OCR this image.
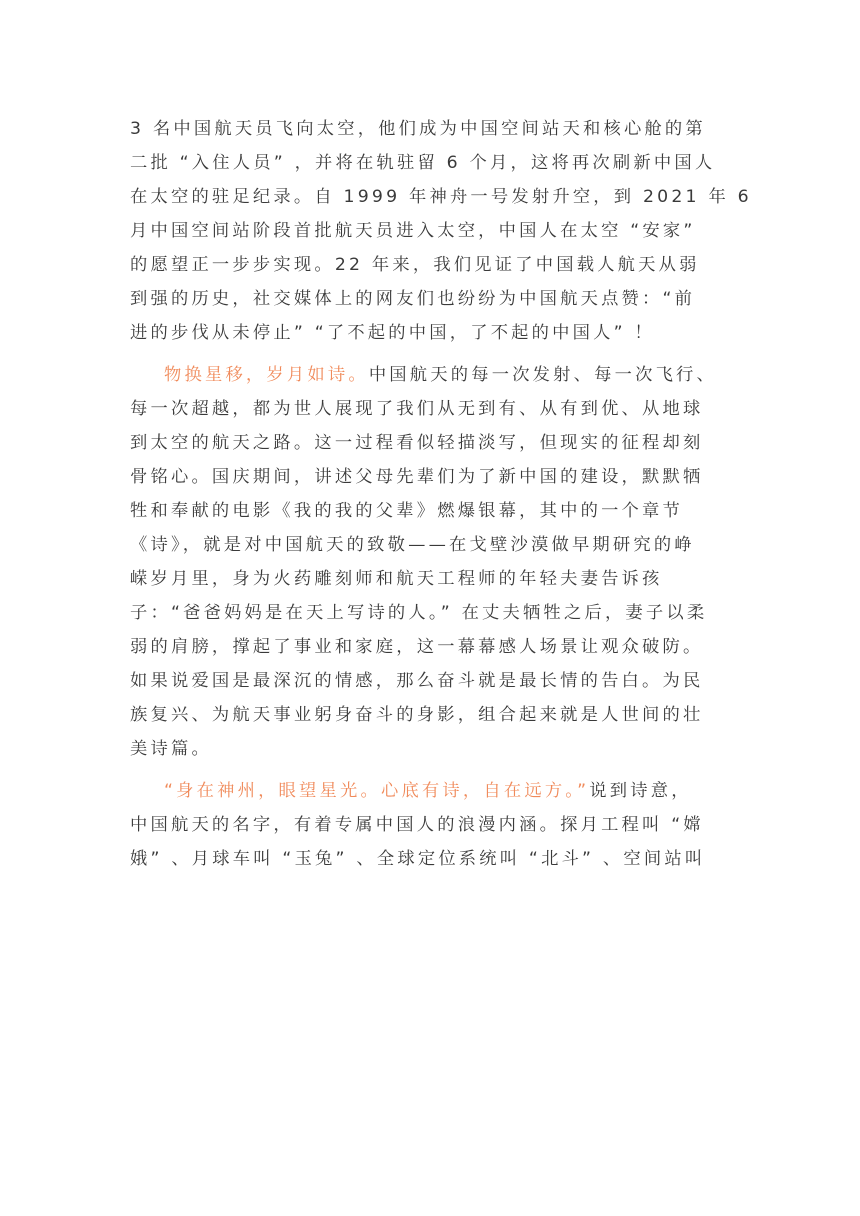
3 名中国航天员飞向太空，他们成为中国空间站天和核心舱的第
二批 “入住人员” ，并将在轨驻留 6 个月，这将再次刷新中国人
在太空的驻足纪录。自 1999 年神舟一号发射升空，到 2021 年 6
月中国空间站阶段首批航天员进入太空，中国人在太空 “安家”
的愿望正一步步实现。22 年来，我们见证了中国载人航天从弱
到强的历史，社交媒体上的网友们也纷纷为中国航天点赞：“前
进的步伐从未停止” “了不起的中国，了不起的中国人” ！
物换星移，岁月如诗。中国航天的每一次发射、每一次飞行、
每一次超越，都为世人展现了我们从无到有、从有到优、从地球
到太空的航天之路。这一过程看似轻描淡写，但现实的征程却刻
骨铭心。国庆期间，讲述父母先辈们为了新中国的建设，默默牺
牲和奉献的电影《我的我的父辈》燃爆银幕，其中的一个章节
《诗》，就是对中国航天的致敬——在戈壁沙漠做早期研究的峥
嵘岁月里，身为火药雕刻师和航天工程师的年轻夫妻告诉孩
子：“爸爸妈妈是在天上写诗的人。” 在丈夫牺牲之后，妻子以柔
弱的肩膀，撑起了事业和家庭，这一幕幕感人场景让观众破防。
如果说爱国是最深沉的情感，那么奋斗就是最长情的告白。为民
族复兴、为航天事业躬身奋斗的身影，组合起来就是人世间的壮
美诗篇。
“身在神州，眼望星光。心底有诗，自在远方。”说到诗意，
中国航天的名字，有着专属中国人的浪漫内涵。探月工程叫 “嫦
娥” 、月球车叫 “玉兔” 、全球定位系统叫 “北斗” 、空间站叫
